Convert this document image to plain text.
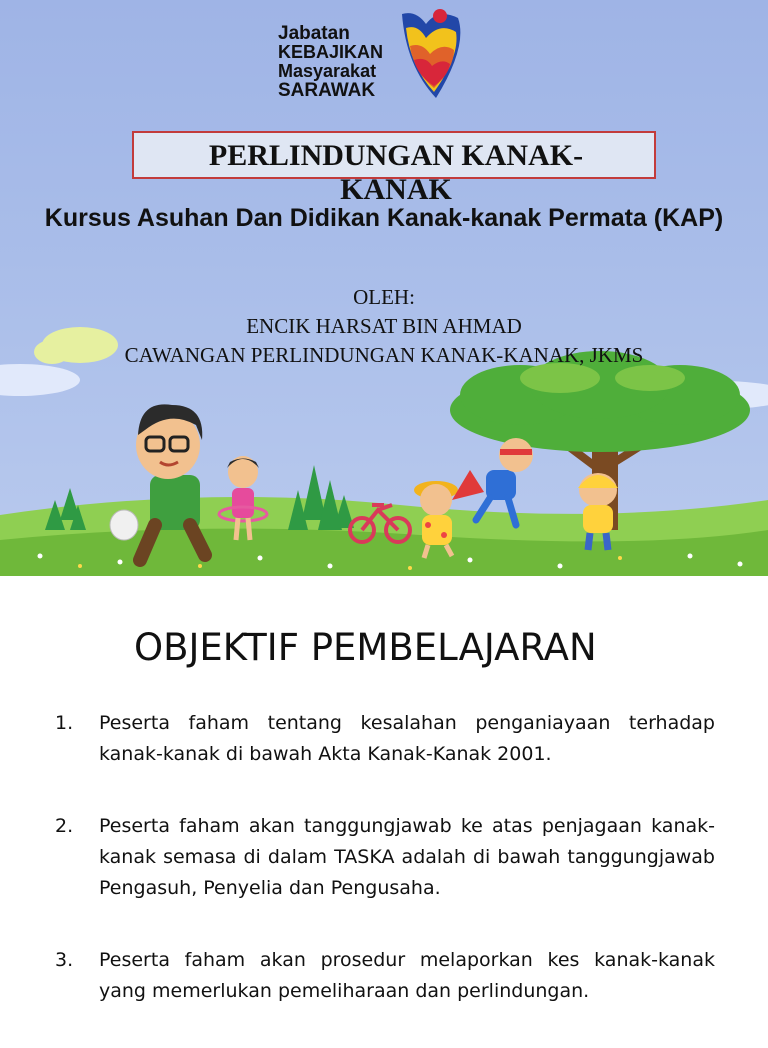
Jabatan
KEBAJIKAN
Masyarakat
SARAWAK
PERLINDUNGAN KANAK-KANAK
Kursus Asuhan Dan Didikan Kanak-kanak Permata (KAP)
OLEH:
ENCIK HARSAT BIN AHMAD
CAWANGAN PERLINDUNGAN KANAK-KANAK, JKMS
OBJEKTIF PEMBELAJARAN
1. Peserta faham tentang kesalahan penganiayaan terhadap kanak-kanak di bawah Akta Kanak-Kanak 2001.
2. Peserta faham akan tanggungjawab ke atas penjagaan kanak-kanak semasa di dalam TASKA adalah di bawah tanggungjawab Pengasuh, Penyelia dan Pengusaha.
3. Peserta faham akan prosedur melaporkan kes kanak-kanak yang memerlukan pemeliharaan dan perlindungan.
